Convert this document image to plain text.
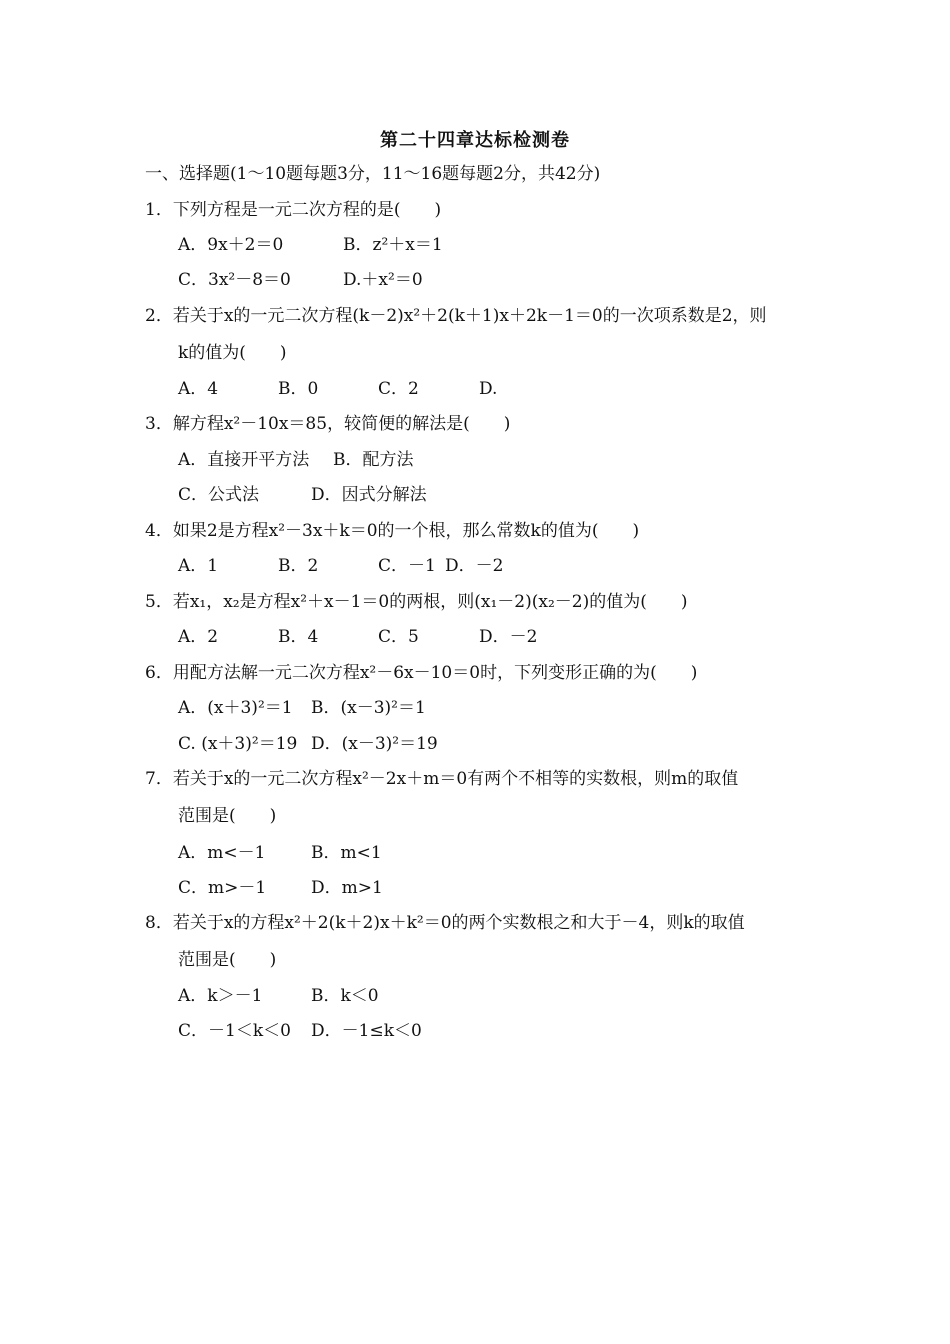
第二十四章达标检测卷
一、选择题(1～10题每题3分，11～16题每题2分，共42分)
1．下列方程是一元二次方程的是(　　)
A．9x＋2＝0	B．z²＋x＝1
C．3x²－8＝0	D.＋x²＝0
2．若关于x的一元二次方程(k－2)x²＋2(k＋1)x＋2k－1＝0的一次项系数是2，则
k的值为(　　)
A．4	B．0	C．2	D.
3．解方程x²－10x＝85，较简便的解法是(　　)
A．直接开平方法 B．配方法
C．公式法	D．因式分解法
4．如果2是方程x²－3x＋k＝0的一个根，那么常数k的值为(　　)
A．1	B．2	C．－1 D．－2
5．若x₁，x₂是方程x²＋x－1＝0的两根，则(x₁－2)(x₂－2)的值为(　　)
A．2	B．4	C．5	D．－2
6．用配方法解一元二次方程x²－6x－10＝0时，下列变形正确的为(　　)
A．(x＋3)²＝1 B．(x－3)²＝1
C. (x＋3)²＝19 D．(x－3)²＝19
7．若关于x的一元二次方程x²－2x＋m＝0有两个不相等的实数根，则m的取值
范围是(　　)
A．m<－1	B．m<1
C．m>－1	D．m>1
8．若关于x的方程x²＋2(k＋2)x＋k²＝0的两个实数根之和大于－4，则k的取值
范围是(　　)
A．k＞－1	B．k＜0
C．－1＜k＜0 D．－1≤k＜0
